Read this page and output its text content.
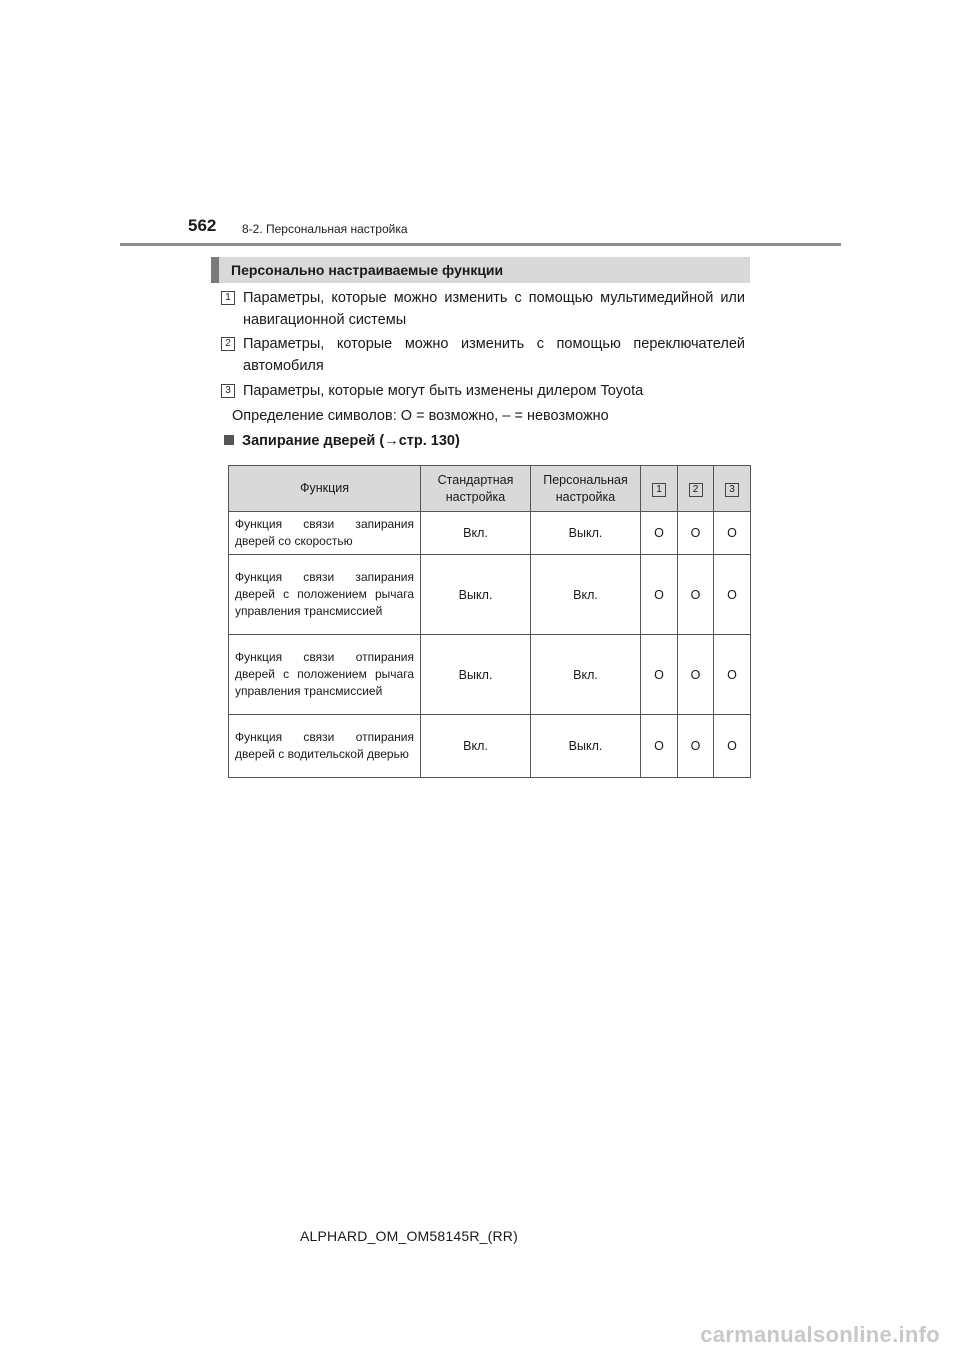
562 8-2. Персональная настройка
Персонально настраиваемые функции
1 Параметры, которые можно изменить с помощью мультимедийной или навигационной системы
2 Параметры, которые можно изменить с помощью переключателей автомобиля
3 Параметры, которые могут быть изменены дилером Toyota
Определение символов: O = возможно, – = невозможно
Запирание дверей (→стр. 130)
Функция	Стандартная настройка	Персональная настройка	1	2	3
Функция связи запирания дверей со скоростью	Вкл.	Выкл.	O	O	O
Функция связи запирания дверей с положением рычага управления трансмиссией	Выкл.	Вкл.	O	O	O
Функция связи отпирания дверей с положением рычага управления трансмиссией	Выкл.	Вкл.	O	O	O
Функция связи отпирания дверей с водительской дверью	Вкл.	Выкл.	O	O	O
ALPHARD_OM_OM58145R_(RR)
carmanualsonline.info
